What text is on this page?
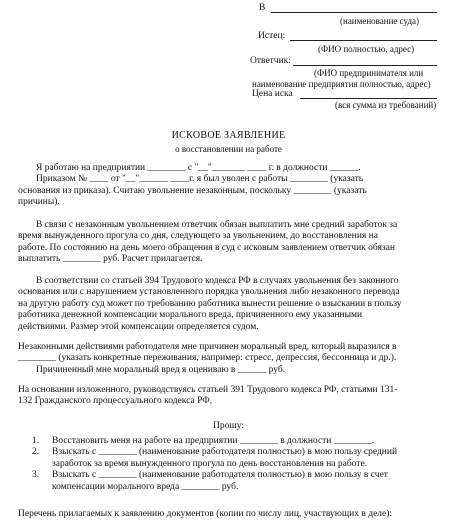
В
(наименование суда)
Истец:
(ФИО полностью, адрес)
Ответчик:
(ФИО предпринимателя или
наименование предприятия полностью, адрес)
Цена иска
(вся сумма из требований)
ИСКОВОЕ ЗАЯВЛЕНИЕ
о восстановлении на работе
Я работаю на предприятии ________ с "__"_______ ____ г. в должности ______.
Приказом № ____ от "__"______ ____г. я был уволен с работы ________ (указать
основания из приказа). Считаю увольнение незаконным, поскольку ________ (указать
причины).
В связи с незаконным увольнением ответчик обязан выплатить мне средний заработок за
время вынужденного прогула со дня, следующего за увольнением, до восстановления на
работе. По состоянию на день моего обращения в суд с исковым заявлением ответчик обязан
выплатить ________ руб. Расчет прилагается.
В соответствии со статьей 394 Трудового кодекса РФ в случаях увольнения без законного
основания или с нарушением установленного порядка увольнения либо незаконного перевода
на другую работу суд может по требованию работника вынести решение о взыскании в пользу
работника денежной компенсации морального вреда, причиненного ему указанными
действиями. Размер этой компенсации определяется судом.
Незаконными действиями работодателя мне причинен моральный вред, который выразился в
________ (указать конкретные переживания, например: стресс, депрессия, бессонница и др.).
Причиненный мне моральный вред я оцениваю в ______ руб.
На основании изложенного, руководствуясь статьей 391 Трудового кодекса РФ, статьями 131-
132 Гражданского процессуального кодекса РФ,
Прошу:
1. Восстановить меня на работе на предприятии ________ в должности ________.
2. Взыскать с ________ (наименование работодателя полностью) в мою пользу средний
заработок за время вынужденного прогула по день восстановления на работе.
3. Взыскать с ________ (наименование работодателя полностью) в мою пользу в счет
компенсации морального вреда ________ руб.
Перечень прилагаемых к заявлению документов (копии по числу лиц, участвующих в деле):
